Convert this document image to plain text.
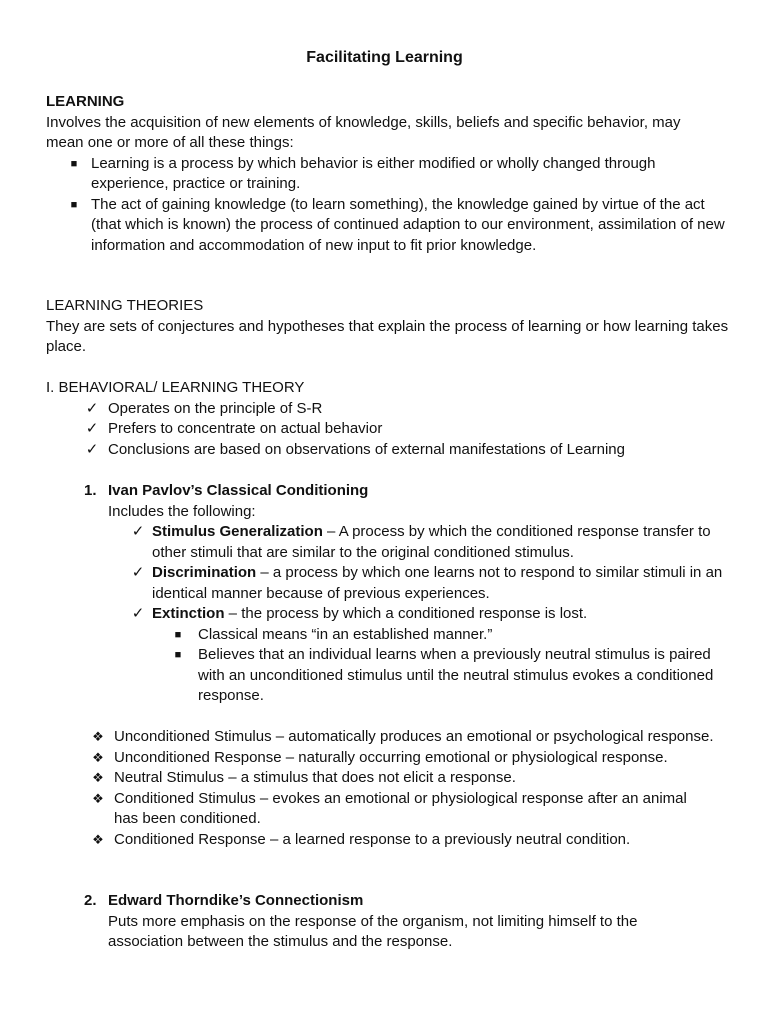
Facilitating Learning

LEARNING

Involves the acquisition of new elements of knowledge, skills, beliefs and specific behavior, may mean one or more of all these things:

■ Learning is a process by which behavior is either modified or wholly changed through experience, practice or training.
■ The act of gaining knowledge (to learn something), the knowledge gained by virtue of the act (that which is known) the process of continued adaption to our environment, assimilation of new information and accommodation of new input to fit prior knowledge.

LEARNING THEORIES

They are sets of conjectures and hypotheses that explain the process of learning or how learning takes place.

I. BEHAVIORAL/ LEARNING THEORY

✓ Operates on the principle of S-R
✓ Prefers to concentrate on actual behavior
✓ Conclusions are based on observations of external manifestations of Learning
1. Ivan Pavlov’s Classical Conditioning

Includes the following:

✓ Stimulus Generalization – A process by which the conditioned response transfer to other stimuli that are similar to the original conditioned stimulus.
✓ Discrimination – a process by which one learns not to respond to similar stimuli in an identical manner because of previous experiences.
✓ Extinction – the process by which a conditioned response is lost.
■ Classical means “in an established manner.”
■ Believes that an individual learns when a previously neutral stimulus is paired with an unconditioned stimulus until the neutral stimulus evokes a conditioned response.
❖ Unconditioned Stimulus – automatically produces an emotional or psychological response.
❖ Unconditioned Response – naturally occurring emotional or physiological response.
❖ Neutral Stimulus – a stimulus that does not elicit a response.
❖ Conditioned Stimulus – evokes an emotional or physiological response after an animal has been conditioned.
❖ Conditioned Response – a learned response to a previously neutral condition.
2. Edward Thorndike’s Connectionism

Puts more emphasis on the response of the organism, not limiting himself to the association between the stimulus and the response.
